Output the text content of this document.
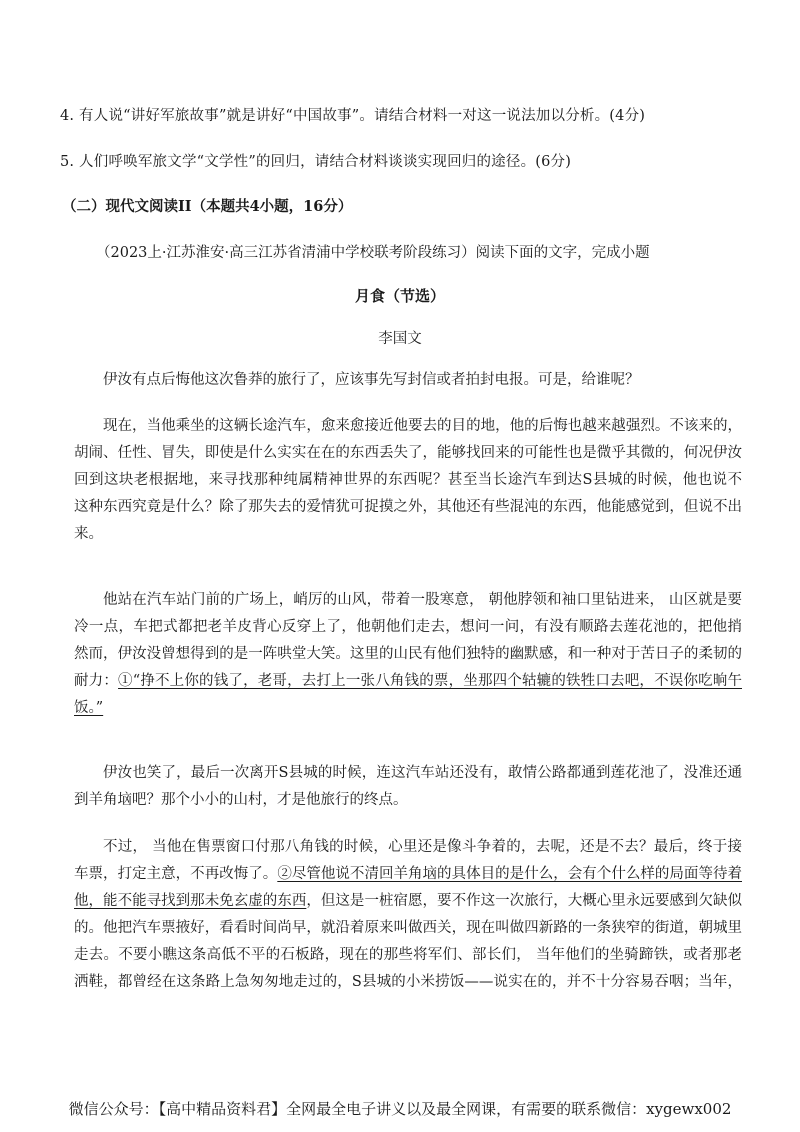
4. 有人说“讲好军旅故事”就是讲好“中国故事”。请结合材料一对这一说法加以分析。(4分)
5. 人们呼唤军旅文学“文学性”的回归，请结合材料谈谈实现回归的途径。(6分)
（二）现代文阅读II（本题共4小题，16分）
（2023上·江苏淮安·高三江苏省清浦中学校联考阶段练习）阅读下面的文字，完成小题
月食（节选）
李国文
伊汝有点后悔他这次鲁莽的旅行了，应该事先写封信或者拍封电报。可是，给谁呢？
现在，当他乘坐的这辆长途汽车，愈来愈接近他要去的目的地，他的后悔也越来越强烈。不该来的，
胡闹、任性、冒失，即使是什么实实在在的东西丢失了，能够找回来的可能性也是微乎其微的，何况伊汝
回到这块老根据地，来寻找那种纯属精神世界的东西呢？甚至当长途汽车到达S县城的时候，他也说不
这种东西究竟是什么？除了那失去的爱情犹可捉摸之外，其他还有些混沌的东西，他能感觉到，但说不出
来。
他站在汽车站门前的广场上，峭厉的山风，带着一股寒意， 朝他脖领和袖口里钻进来， 山区就是要
冷一点，车把式都把老羊皮背心反穿上了，他朝他们走去，想问一问，有没有顺路去莲花池的，把他捎
然而，伊汝没曾想得到的是一阵哄堂大笑。这里的山民有他们独特的幽默感，和一种对于苦日子的柔韧的
耐力：①“挣不上你的钱了，老哥，去打上一张八角钱的票，坐那四个轱辘的铁牲口去吧，不误你吃晌午
饭。”
伊汝也笑了，最后一次离开S县城的时候，连这汽车站还没有，敢情公路都通到莲花池了，没准还通
到羊角垴吧？那个小小的山村，才是他旅行的终点。
不过， 当他在售票窗口付那八角钱的时候，心里还是像斗争着的，去呢，还是不去？最后，终于接
车票，打定主意，不再改悔了。②尽管他说不清回羊角垴的具体目的是什么，会有个什么样的局面等待着
他，能不能寻找到那未免玄虚的东西，但这是一桩宿愿，要不作这一次旅行，大概心里永远要感到欠缺似
的。他把汽车票掖好，看看时间尚早，就沿着原来叫做西关，现在叫做四新路的一条狭窄的街道，朝城里
走去。不要小瞧这条高低不平的石板路，现在的那些将军们、部长们， 当年他们的坐骑蹄铁，或者那老
洒鞋，都曾经在这条路上急匆匆地走过的，S县城的小米捞饭——说实在的，并不十分容易吞咽；当年，
微信公众号：【高中精品资料君】全网最全电子讲义以及最全网课，有需要的联系微信：xygewx002
